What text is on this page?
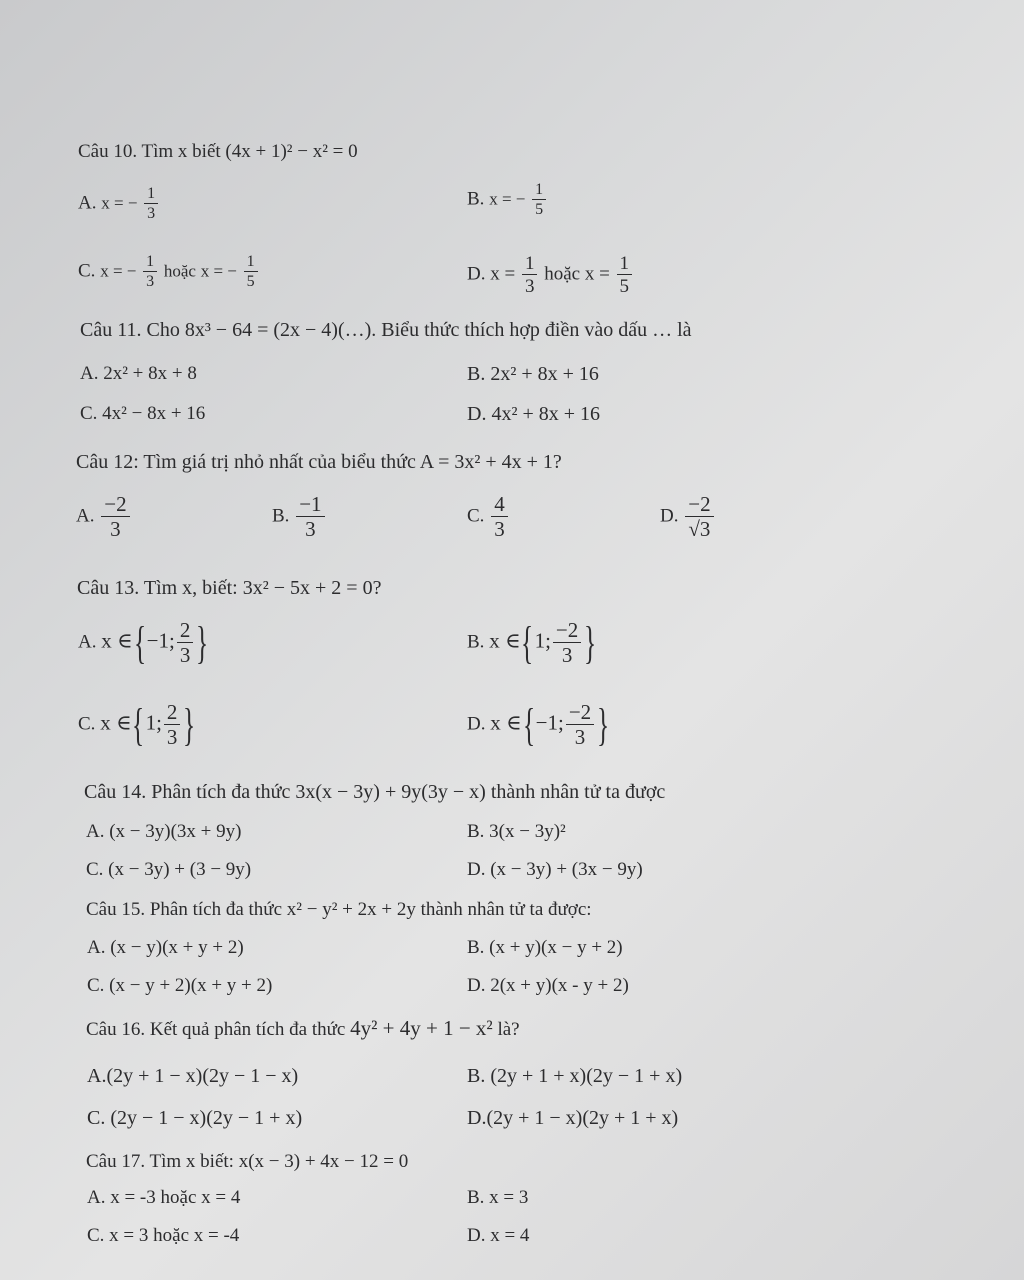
Câu 10. Tìm x biết (4x + 1)² − x² = 0
A. x = − $\frac{1}{3}$	B. x = − $\frac{1}{5}$
C. x = − $\frac{1}{3}$ hoặc x = − $\frac{1}{5}$	D. $x = \frac{1}{3}$ hoặc $x = \frac{1}{5}$
Câu 11. Cho 8x³ − 64 = (2x − 4)(…). Biểu thức thích hợp điền vào dấu … là
A. 2x² + 8x + 8	B. 2x² + 8x + 16
C. 4x² − 8x + 16	D. 4x² + 8x + 16
Câu 12: Tìm giá trị nhỏ nhất của biểu thức A = 3x² + 4x + 1?
A. $\frac{-2}{3}$	B. $\frac{-1}{3}$	C. $\frac{4}{3}$	D. $\frac{-2}{√3}$
Câu 13. Tìm x, biết: 3x² − 5x + 2 = 0?
A. x ∈{−1; $\frac{2}{3}$ }	B. x ∈{1; $\frac{-2}{3}$ }
C. x ∈{1; $\frac{2}{3}$ }	D. x ∈{−1; $\frac{-2}{3}$ }
Câu 14. Phân tích đa thức 3x(x − 3y) + 9y(3y − x) thành nhân tử ta được
A. (x − 3y)(3x + 9y)	B. 3(x − 3y)²
C. (x − 3y) + (3 − 9y)	D. (x − 3y) + (3x − 9y)
Câu 15. Phân tích đa thức x² − y² + 2x + 2y thành nhân tử ta được:
A. (x − y)(x + y + 2)	B. (x + y)(x − y + 2)
C. (x − y + 2)(x + y + 2)	D. 2(x + y)(x - y + 2)
Câu 16. Kết quả phân tích đa thức 4y² + 4y + 1 − x² là?
A.(2y + 1 − x)(2y − 1 − x)	B. (2y + 1 + x)(2y − 1 + x)
C. (2y − 1 − x)(2y − 1 + x)	D.(2y + 1 − x)(2y + 1 + x)
Câu 17. Tìm x biết: x(x − 3) + 4x − 12 = 0
A. x = -3 hoặc x = 4	B. x = 3
C. x = 3 hoặc x = -4	D. x = 4
